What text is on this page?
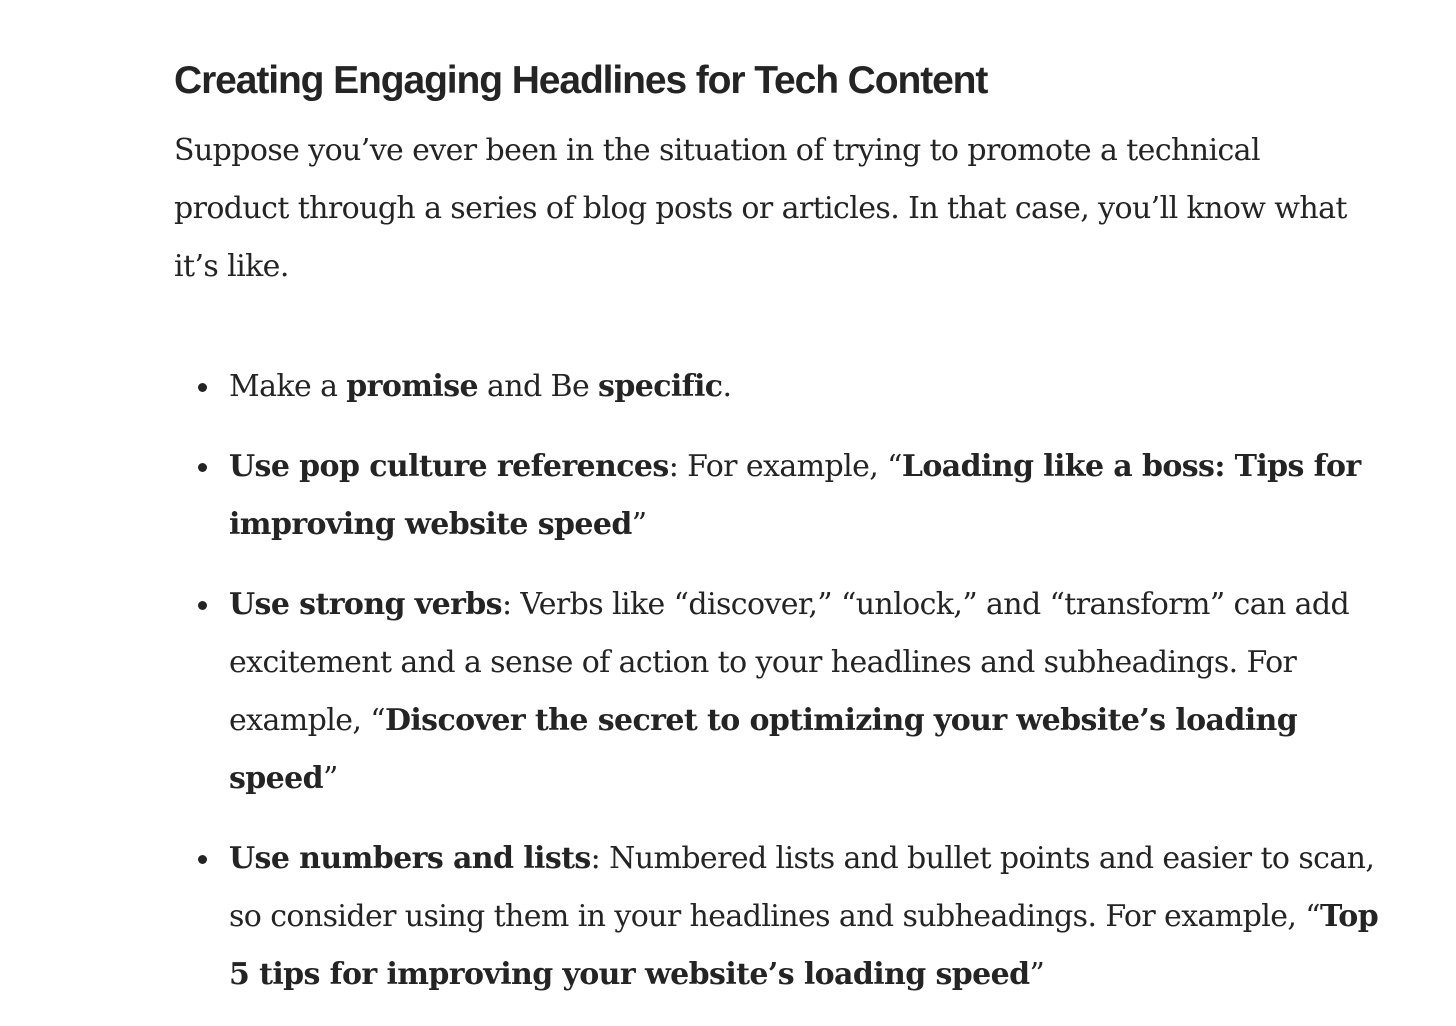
Creating Engaging Headlines for Tech Content

Suppose you’ve ever been in the situation of trying to promote a technical product through a series of blog posts or articles. In that case, you’ll know what it’s like.

Make a promise and Be specific.
Use pop culture references: For example, “Loading like a boss: Tips for improving website speed”
Use strong verbs: Verbs like “discover,” “unlock,” and “transform” can add excitement and a sense of action to your headlines and subheadings. For example, “Discover the secret to optimizing your website’s loading speed”
Use numbers and lists: Numbered lists and bullet points and easier to scan, so consider using them in your headlines and subheadings. For example, “Top 5 tips for improving your website’s loading speed”
